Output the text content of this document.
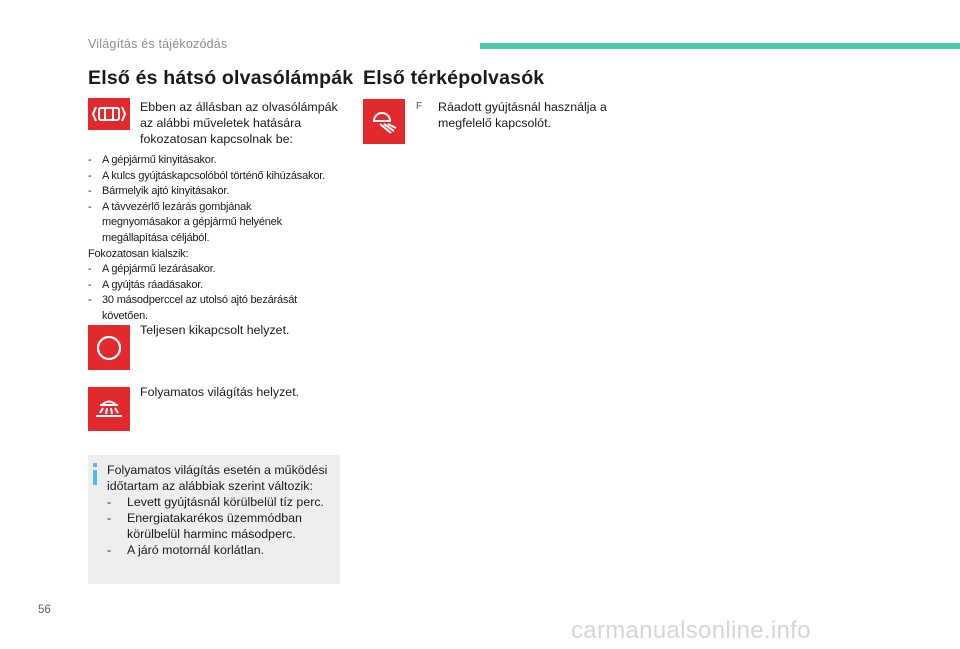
Világítás és tájékozódás
Első és hátsó olvasólámpák
Ebben az állásban az olvasólámpák
az alábbi műveletek hatására
fokozatosan kapcsolnak be:
- A gépjármű kinyitásakor.
- A kulcs gyújtáskapcsolóból történő kihúzásakor.
- Bármelyik ajtó kinyitásakor.
- A távvezérlő lezárás gombjának
megnyomásakor a gépjármű helyének
megállapítása céljából.
Fokozatosan kialszik:
- A gépjármű lezárásakor.
- A gyújtás ráadásakor.
- 30 másodperccel az utolsó ajtó bezárását
követően.
Teljesen kikapcsolt helyzet.
Folyamatos világítás helyzet.
Folyamatos világítás esetén a működési
időtartam az alábbiak szerint változik:
-	Levett gyújtásnál körülbelül tíz perc.
-	Energiatakarékos üzemmódban
körülbelül harminc másodperc.
-	A járó motornál korlátlan.
Első térképolvasók
F	Ráadott gyújtásnál használja a
megfelelő kapcsolót.
56
carmanualsonline.info
